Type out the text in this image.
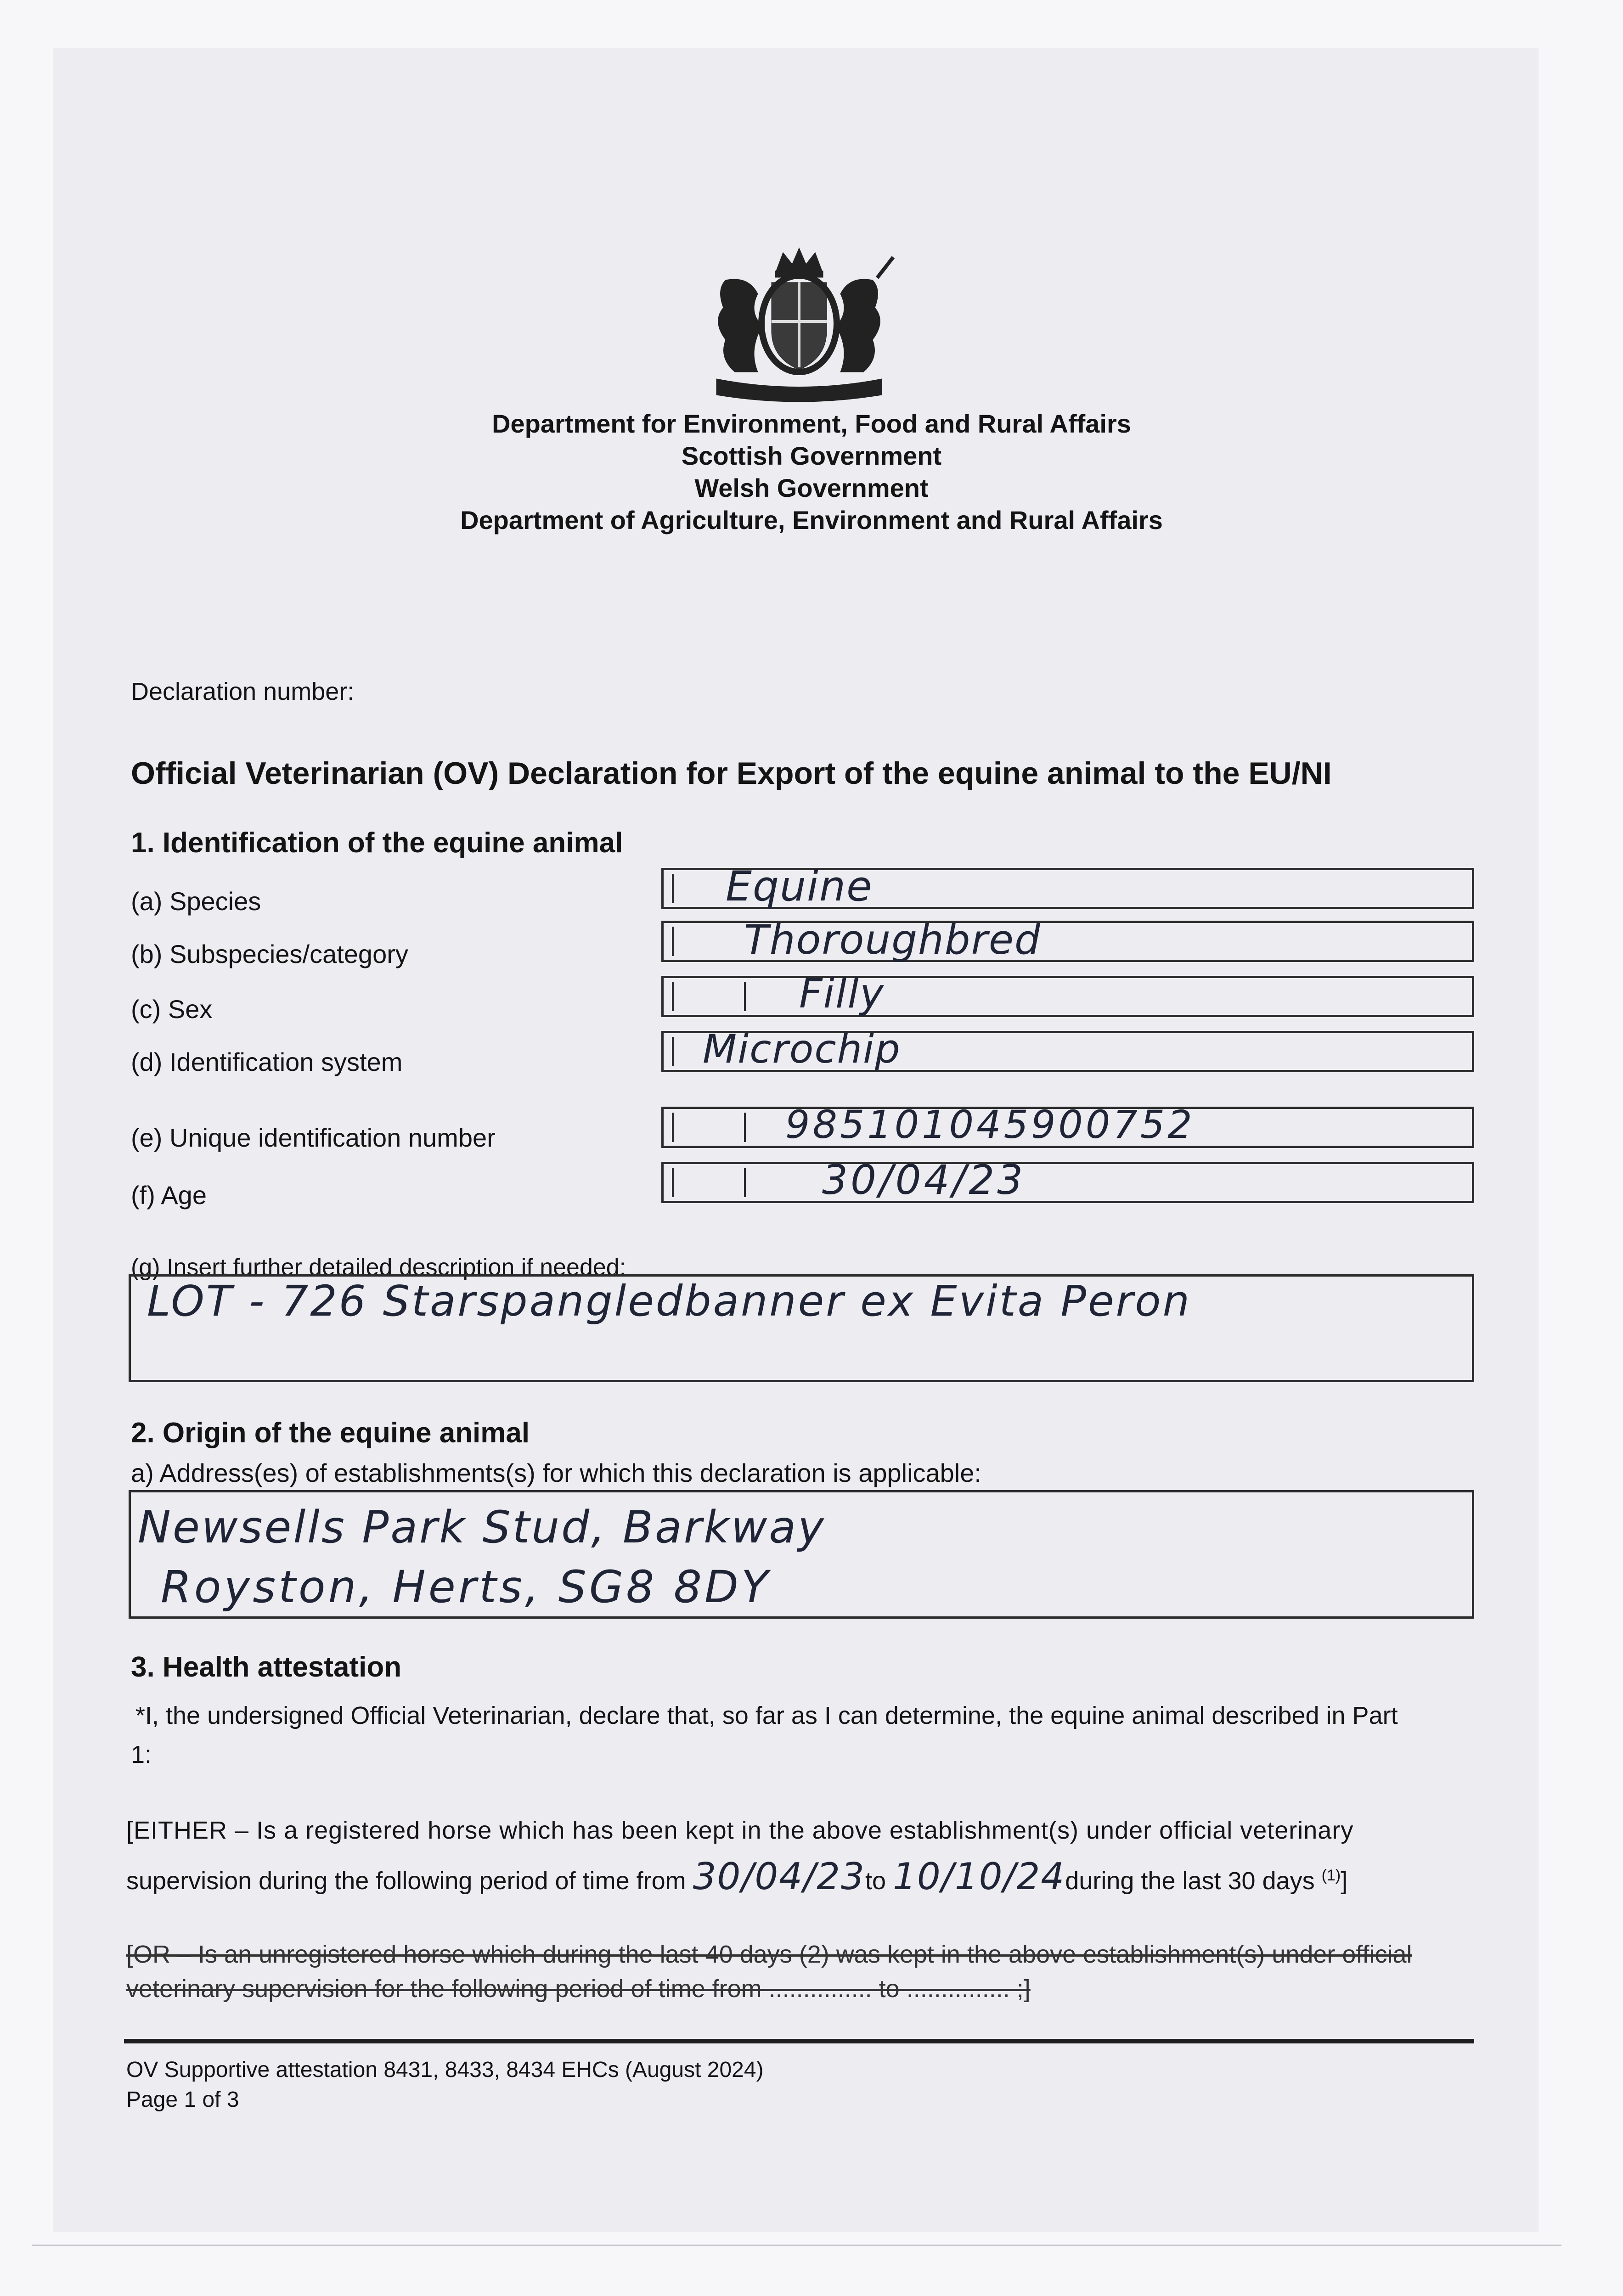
Department for Environment, Food and Rural Affairs
Scottish Government
Welsh Government
Department of Agriculture, Environment and Rural Affairs
Declaration number:
Official Veterinarian (OV) Declaration for Export of the equine animal to the EU/NI
1. Identification of the equine animal
(a) Species	Equine
(b) Subspecies/category	Thoroughbred
(c) Sex	Filly
(d) Identification system	Microchip
(e) Unique identification number	985101045900752
(f) Age	30/04/23
(g) Insert further detailed description if needed:
LOT - 726 Starspangledbanner ex Evita Peron
2. Origin of the equine animal
a) Address(es) of establishments(s) for which this declaration is applicable:
Newsells Park Stud, Barkway
Royston, Herts, SG8 8DY
3. Health attestation
*I, the undersigned Official Veterinarian, declare that, so far as I can determine, the equine animal described in Part
1:
[EITHER – Is a registered horse which has been kept in the above establishment(s) under official veterinary
supervision during the following period of time from 30/04/23to 10/10/24during the last 30 days $^{(1)}$]
[OR – Is an unregistered horse which during the last 40 days (2) was kept in the above establishment(s) under official
veterinary supervision for the following period of time from ............... to ............... ;]
OV Supportive attestation 8431, 8433, 8434 EHCs (August 2024)
Page 1 of 3
